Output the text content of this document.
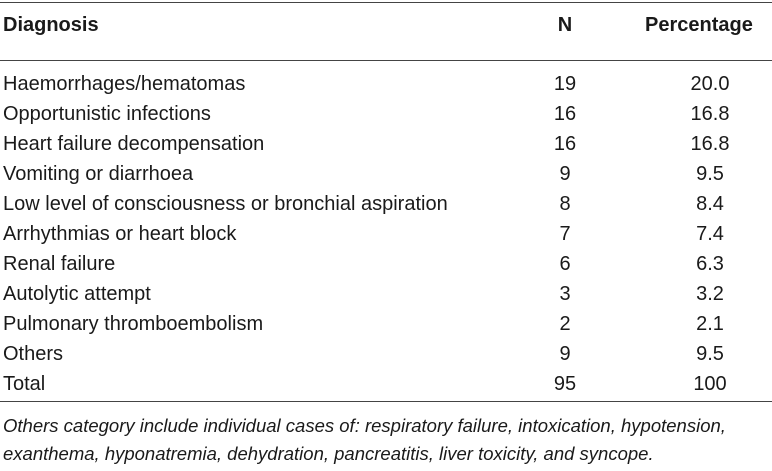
Diagnosis	N	Percentage
Haemorrhages/hematomas	19	20.0
Opportunistic infections	16	16.8
Heart failure decompensation	16	16.8
Vomiting or diarrhoea	9	9.5
Low level of consciousness or bronchial aspiration	8	8.4
Arrhythmias or heart block	7	7.4
Renal failure	6	6.3
Autolytic attempt	3	3.2
Pulmonary thromboembolism	2	2.1
Others	9	9.5
Total	95	100
Others category include individual cases of: respiratory failure, intoxication, hypotension,
exanthema, hyponatremia, dehydration, pancreatitis, liver toxicity, and syncope.
